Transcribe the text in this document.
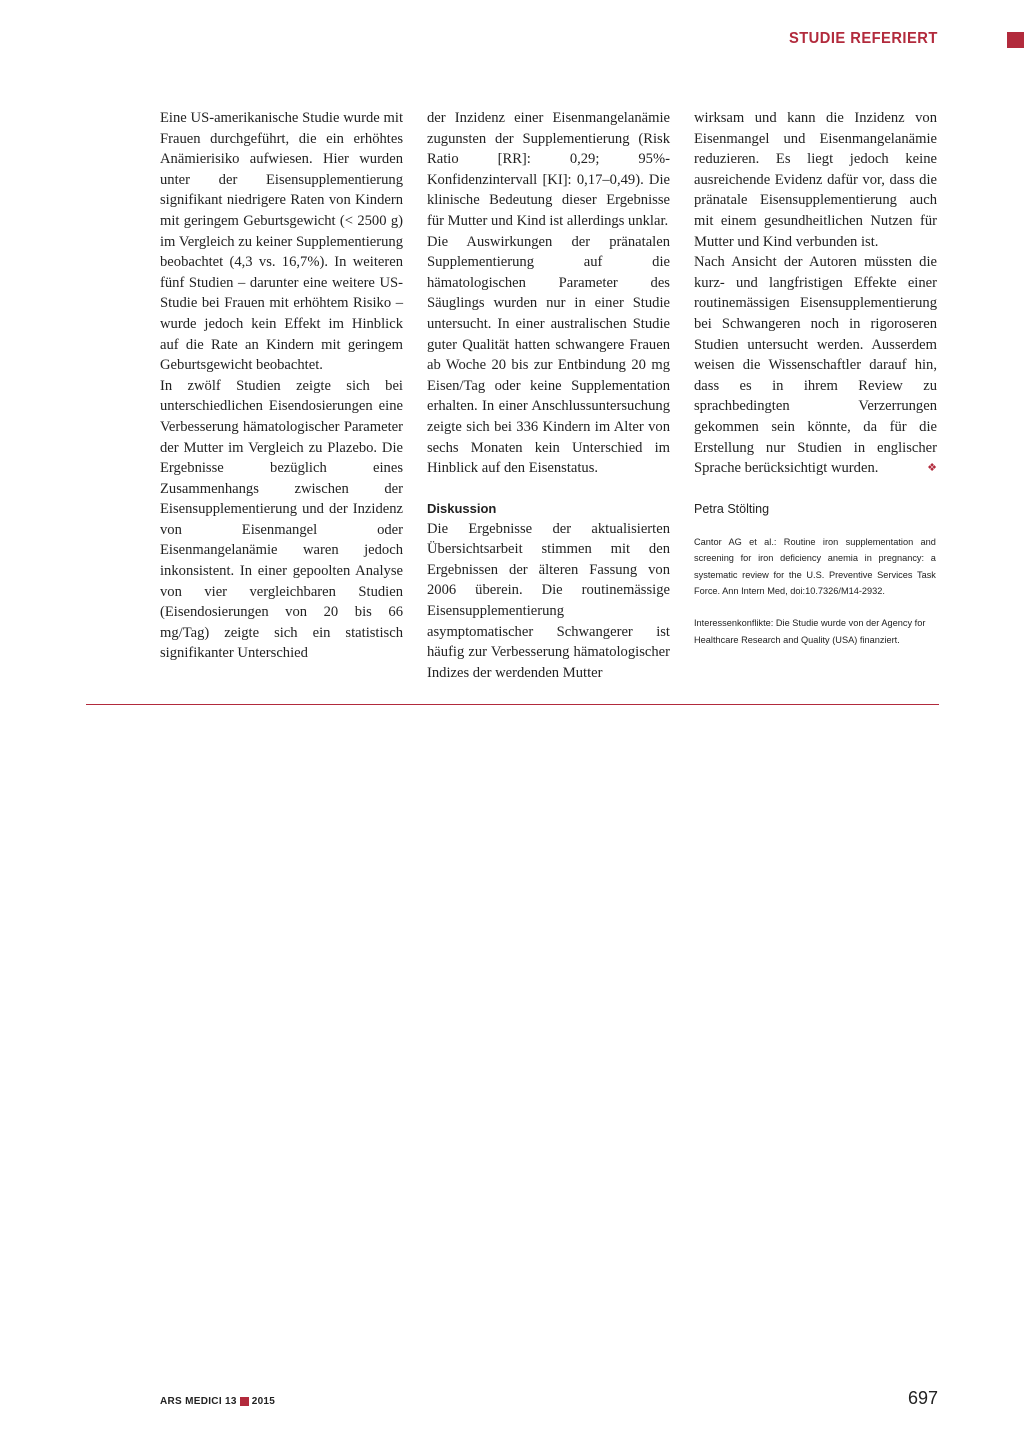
STUDIE REFERIERT

Eine US-amerikanische Studie wurde mit Frauen durchgeführt, die ein erhöhtes Anämierisiko aufwiesen. Hier wurden unter der Eisensupplementierung signifikant niedrigere Raten von Kindern mit geringem Geburtsgewicht (< 2500 g) im Vergleich zu keiner Supplementierung beobachtet (4,3 vs. 16,7%). In weiteren fünf Studien – darunter eine weitere US-Studie bei Frauen mit erhöhtem Risiko – wurde jedoch kein Effekt im Hinblick auf die Rate an Kindern mit geringem Geburtsgewicht beobachtet.

In zwölf Studien zeigte sich bei unterschiedlichen Eisendosierungen eine Verbesserung hämatologischer Parameter der Mutter im Vergleich zu Plazebo. Die Ergebnisse bezüglich eines Zusammenhangs zwischen der Eisensupplementierung und der Inzidenz von Eisenmangel oder Eisenmangelanämie waren jedoch inkonsistent. In einer gepoolten Analyse von vier vergleichbaren Studien (Eisendosierungen von 20 bis 66 mg/Tag) zeigte sich ein statistisch signifikanter Unterschied

der Inzidenz einer Eisenmangelanämie zugunsten der Supplementierung (Risk Ratio [RR]: 0,29; 95%-Konfidenzintervall [KI]: 0,17–0,49). Die klinische Bedeutung dieser Ergebnisse für Mutter und Kind ist allerdings unklar.

Die Auswirkungen der pränatalen Supplementierung auf die hämatologischen Parameter des Säuglings wurden nur in einer Studie untersucht. In einer australischen Studie guter Qualität hatten schwangere Frauen ab Woche 20 bis zur Entbindung 20 mg Eisen/Tag oder keine Supplementation erhalten. In einer Anschlussuntersuchung zeigte sich bei 336 Kindern im Alter von sechs Monaten kein Unterschied im Hinblick auf den Eisenstatus.

Diskussion

Die Ergebnisse der aktualisierten Übersichtsarbeit stimmen mit den Ergebnissen der älteren Fassung von 2006 überein. Die routinemässige Eisensupplementierung asymptomatischer Schwangerer ist häufig zur Verbesserung hämatologischer Indizes der werdenden Mutter

wirksam und kann die Inzidenz von Eisenmangel und Eisenmangelanämie reduzieren. Es liegt jedoch keine ausreichende Evidenz dafür vor, dass die pränatale Eisensupplementierung auch mit einem gesundheitlichen Nutzen für Mutter und Kind verbunden ist.

Nach Ansicht der Autoren müssten die kurz- und langfristigen Effekte einer routinemässigen Eisensupplementierung bei Schwangeren noch in rigoroseren Studien untersucht werden. Ausserdem weisen die Wissenschaftler darauf hin, dass es in ihrem Review zu sprachbedingten Verzerrungen gekommen sein könnte, da für die Erstellung nur Studien in englischer Sprache berücksichtigt wurden.	❖

Petra Stölting
Cantor AG et al.: Routine iron supplementation and screening for iron deficiency anemia in pregnancy: a systematic review for the U.S. Preventive Services Task Force. Ann Intern Med, doi:10.7326/M14-2932.
Interessenkonflikte: Die Studie wurde von der Agency for Healthcare Research and Quality (USA) finanziert.
ARS MEDICI 13 2015	697
